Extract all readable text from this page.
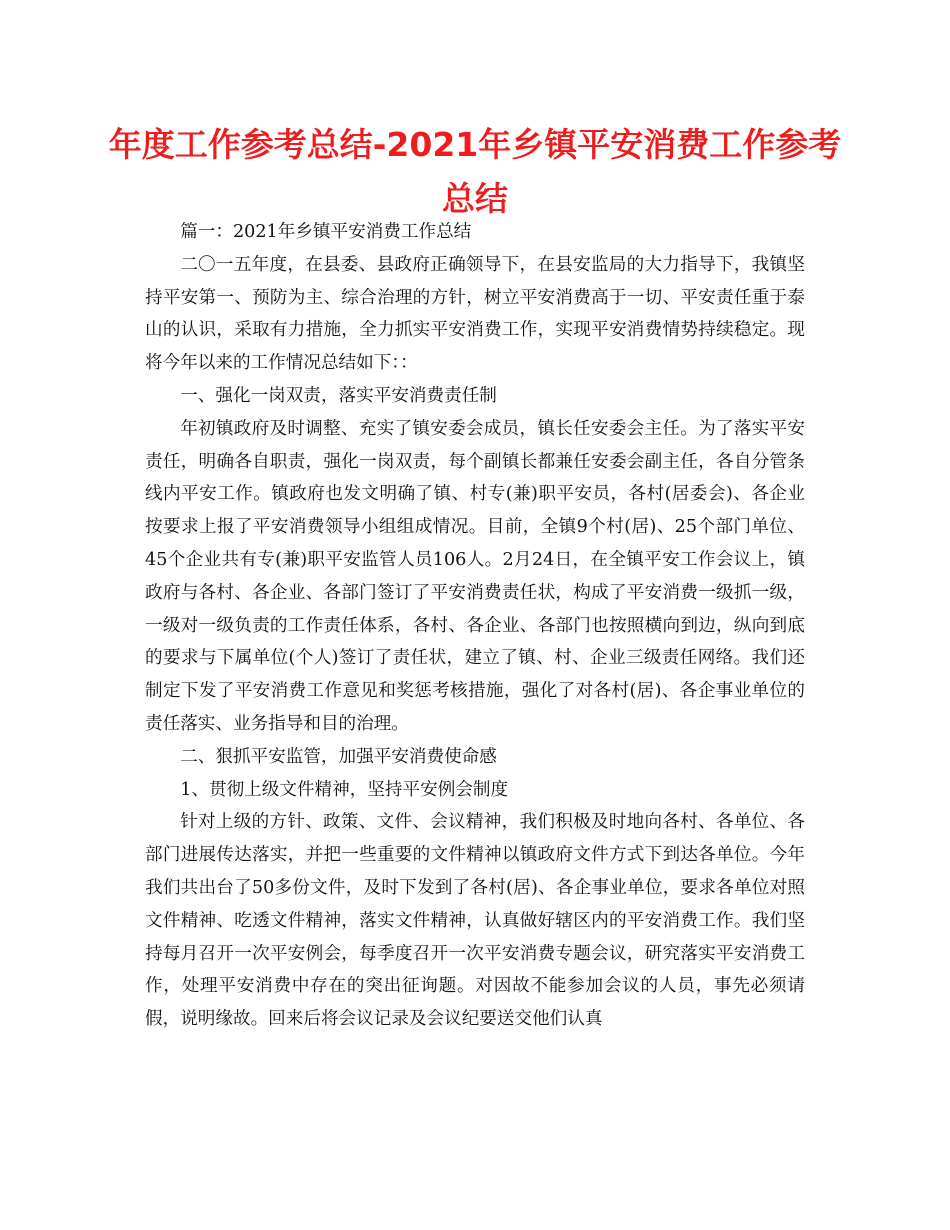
年度工作参考总结-2021年乡镇平安消费工作参考总结

篇一：2021年乡镇平安消费工作总结

二〇一五年度，在县委、县政府正确领导下，在县安监局的大力指导下，我镇坚持平安第一、预防为主、综合治理的方针，树立平安消费高于一切、平安责任重于泰山的认识，采取有力措施，全力抓实平安消费工作，实现平安消费情势持续稳定。现将今年以来的工作情况总结如下：：

一、强化一岗双责，落实平安消费责任制

年初镇政府及时调整、充实了镇安委会成员，镇长任安委会主任。为了落实平安责任，明确各自职责，强化一岗双责，每个副镇长都兼任安委会副主任，各自分管条线内平安工作。镇政府也发文明确了镇、村专(兼)职平安员，各村(居委会)、各企业按要求上报了平安消费领导小组组成情况。目前，全镇9个村(居)、25个部门单位、45个企业共有专(兼)职平安监管人员106人。2月24日，在全镇平安工作会议上，镇政府与各村、各企业、各部门签订了平安消费责任状，构成了平安消费一级抓一级，一级对一级负责的工作责任体系，各村、各企业、各部门也按照横向到边，纵向到底的要求与下属单位(个人)签订了责任状，建立了镇、村、企业三级责任网络。我们还制定下发了平安消费工作意见和奖惩考核措施，强化了对各村(居)、各企事业单位的责任落实、业务指导和目的治理。

二、狠抓平安监管，加强平安消费使命感

1、贯彻上级文件精神，坚持平安例会制度

针对上级的方针、政策、文件、会议精神，我们积极及时地向各村、各单位、各部门进展传达落实，并把一些重要的文件精神以镇政府文件方式下到达各单位。今年我们共出台了50多份文件，及时下发到了各村(居)、各企事业单位，要求各单位对照文件精神、吃透文件精神，落实文件精神，认真做好辖区内的平安消费工作。我们坚持每月召开一次平安例会，每季度召开一次平安消费专题会议，研究落实平安消费工作，处理平安消费中存在的突出征询题。对因故不能参加会议的人员，事先必须请假，说明缘故。回来后将会议记录及会议纪要送交他们认真
